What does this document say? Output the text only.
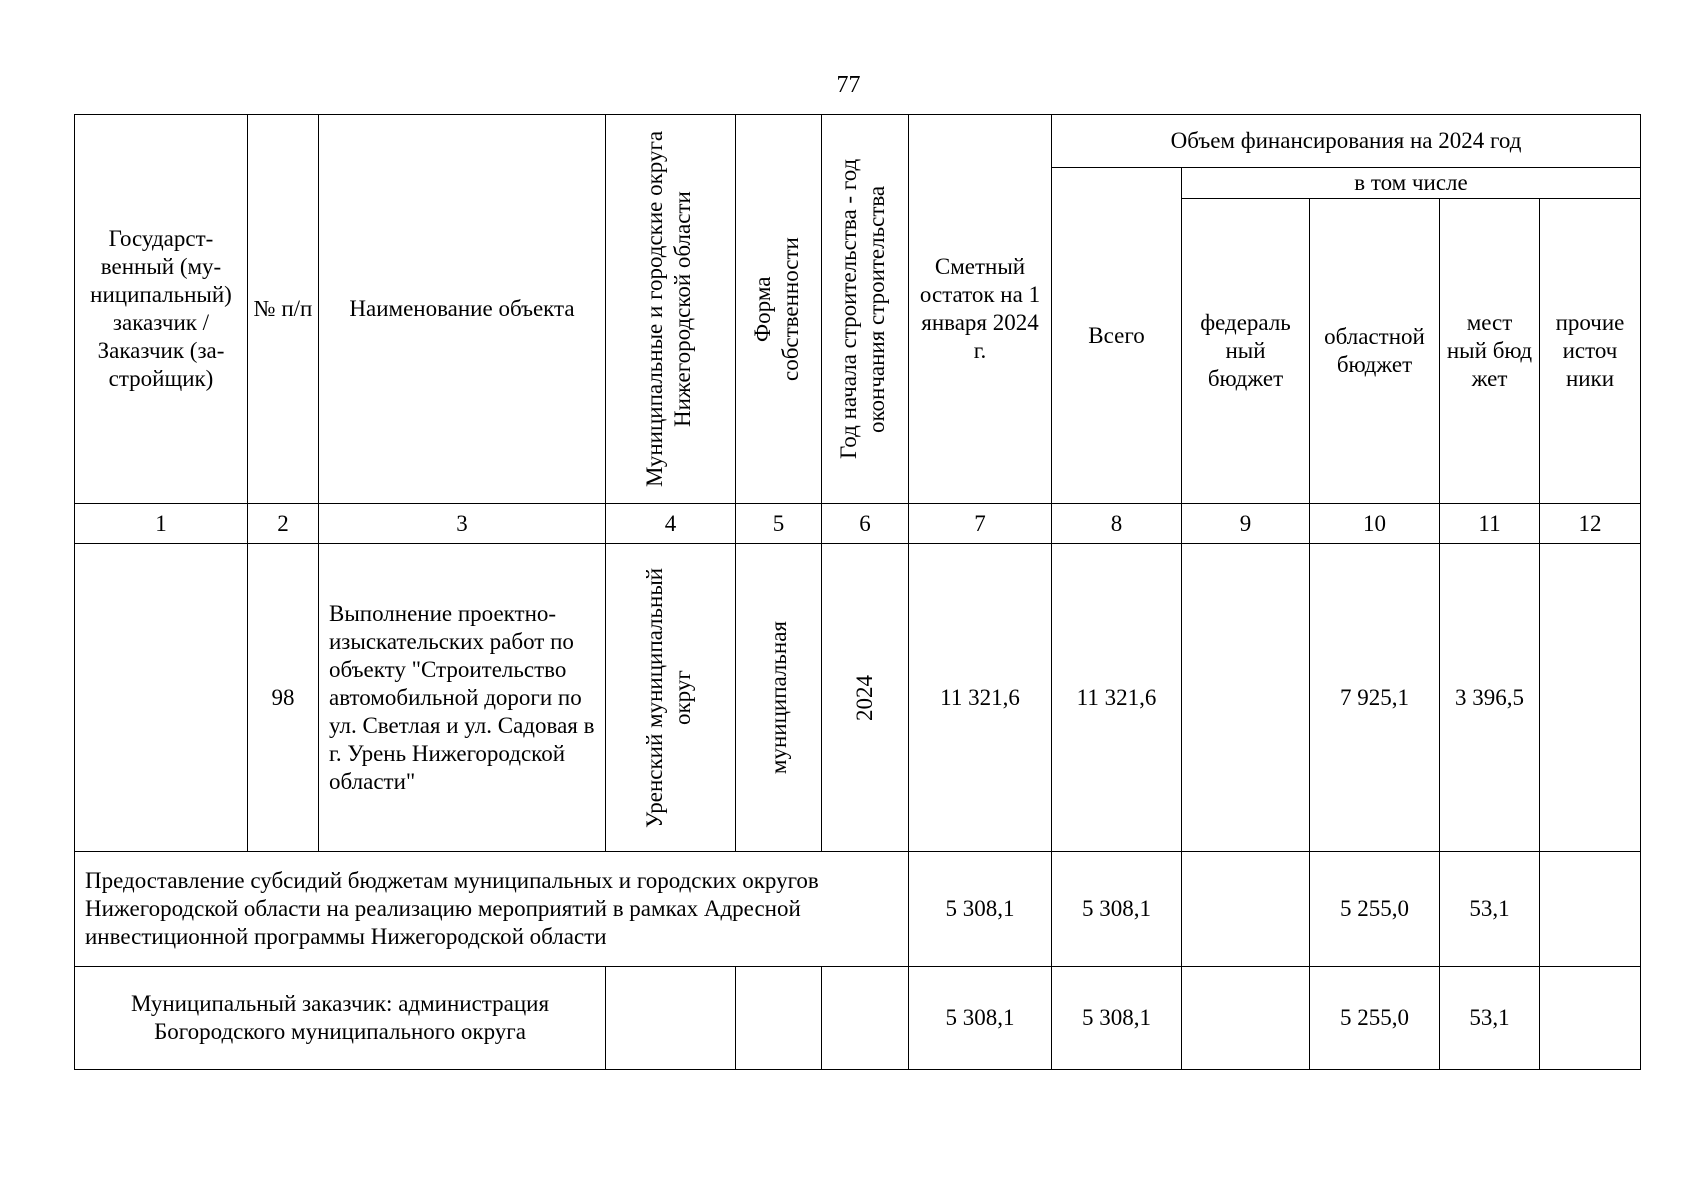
77
Государст-венный (му-ниципальный) заказчик / Заказчик (за-стройщик)	№ п/п	Наименование объекта	Муниципальные и городские округа Нижегородской области	Форма собственности	Год начала строительства - год окончания строительства	Сметный остаток на 1 января 2024 г.	Объем финансирования на 2024 год				
							Всего	в том числе			
								федераль ный бюджет	областной бюджет	мест ный бюд жет	прочие источ ники
1	2	3	4	5	6	7	8	9	10	11	12
	98	Выполнение проектно-изыскательских работ по объекту "Строительство автомобильной дороги по ул. Светлая и ул. Садовая в г. Урень Нижегородской области"	Уренский муниципальный округ	муниципальная	2024	11 321,6	11 321,6		7 925,1	3 396,5	
Предоставление субсидий бюджетам муниципальных и городских округов Нижегородской области на реализацию мероприятий в рамках Адресной инвестиционной программы Нижегородской области						5 308,1	5 308,1		5 255,0	53,1	
Муниципальный заказчик: администрация Богородского муниципального округа						5 308,1	5 308,1		5 255,0	53,1	
